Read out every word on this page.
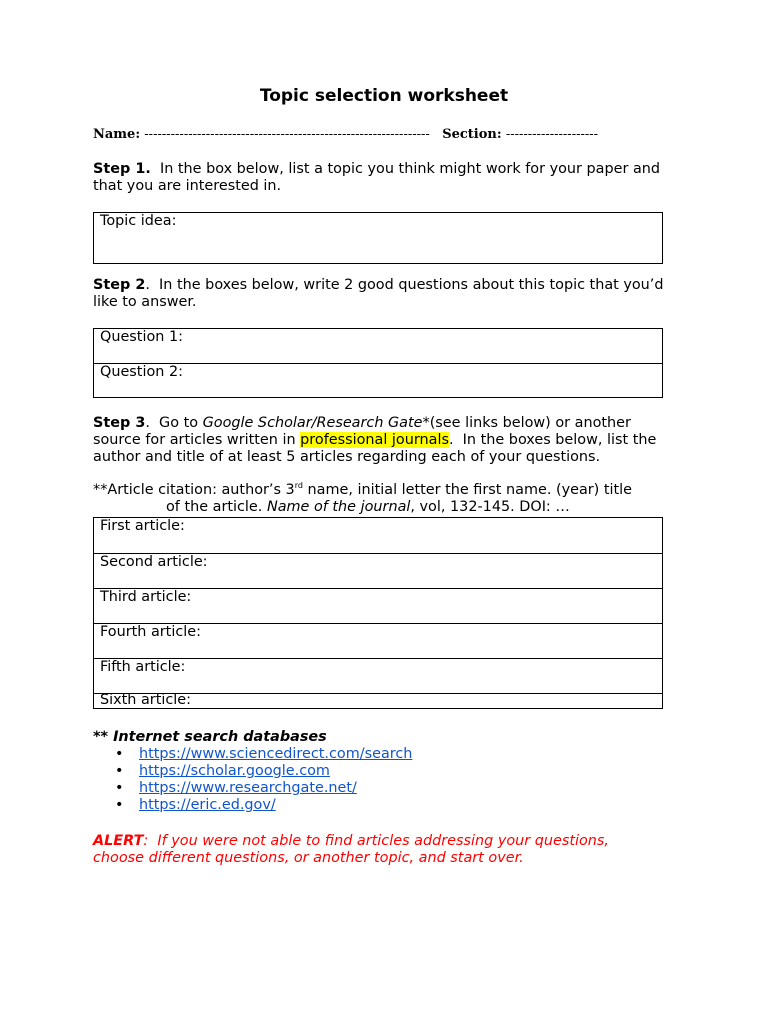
Topic selection worksheet
Name: ----------------------------------------------------------------- Section: ---------------------
Step 1.  In the box below, list a topic you think might work for your paper and that you are interested in.
Topic idea:
Step 2.  In the boxes below, write 2 good questions about this topic that you’d like to answer.
Question 1:
Question 2:
Step 3.  Go to Google Scholar/Research Gate*(see links below) or another source for articles written in professional journals.  In the boxes below, list the author and title of at least 5 articles regarding each of your questions.
**Article citation: author’s 3rd name, initial letter the first name. (year) title
of the article. Name of the journal, vol, 132-145. DOI: …
First article:
Second article:
Third article:
Fourth article:
Fifth article:
Sixth article:
** Internet search databases
• https://www.sciencedirect.com/search
• https://scholar.google.com
• https://www.researchgate.net/
• https://eric.ed.gov/
ALERT:  If you were not able to find articles addressing your questions, choose different questions, or another topic, and start over.
